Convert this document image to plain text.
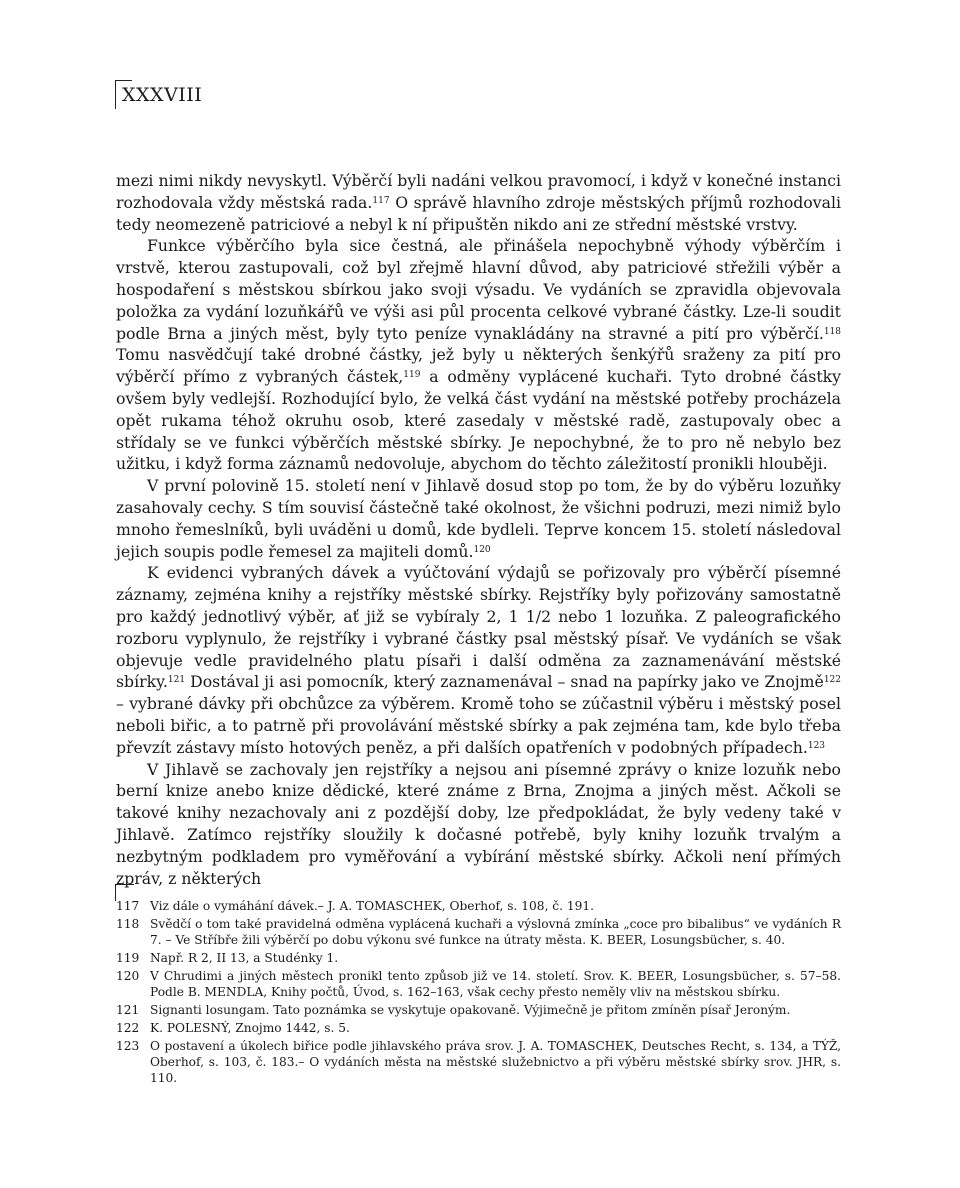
XXXVIII

mezi nimi nikdy nevyskytl. Výběrčí byli nadáni velkou pravomocí, i když v konečné instanci rozhodovala vždy městská rada.$^{117}$ O správě hlavního zdroje městských příjmů rozhodovali tedy neomezeně patriciové a nebyl k ní připuštěn nikdo ani ze střední městské vrstvy.

Funkce výběrčího byla sice čestná, ale přinášela nepochybně výhody výběrčím i vrstvě, kterou zastupovali, což byl zřejmě hlavní důvod, aby patriciové střežili výběr a hospodaření s městskou sbírkou jako svoji výsadu. Ve vydáních se zpravidla objevovala položka za vydání lozuňkářů ve výši asi půl procenta celkové vybrané částky. Lze-li soudit podle Brna a jiných měst, byly tyto peníze vynakládány na stravné a pití pro výběrčí.$^{118}$ Tomu nasvědčují také drobné částky, jež byly u některých šenkýřů sraženy za pití pro výběrčí přímo z vybraných částek,$^{119}$ a odměny vyplácené kuchaři. Tyto drobné částky ovšem byly vedlejší. Rozhodující bylo, že velká část vydání na městské potřeby procházela opět rukama téhož okruhu osob, které zasedaly v městské radě, zastupovaly obec a střídaly se ve funkci výběrčích městské sbírky. Je nepochybné, že to pro ně nebylo bez užitku, i když forma záznamů nedovoluje, abychom do těchto záležitostí pronikli hlouběji.

V první polovině 15. století není v Jihlavě dosud stop po tom, že by do výběru lozuňky zasahovaly cechy. S tím souvisí částečně také okolnost, že všichni podruzi, mezi nimiž bylo mnoho řemeslníků, byli uváděni u domů, kde bydleli. Teprve koncem 15. století následoval jejich soupis podle řemesel za majiteli domů.$^{120}$

K evidenci vybraných dávek a vyúčtování výdajů se pořizovaly pro výběrčí písemné záznamy, zejména knihy a rejstříky městské sbírky. Rejstříky byly pořizovány samostatně pro každý jednotlivý výběr, ať již se vybíraly 2, 1 1/2 nebo 1 lozuňka. Z paleografického rozboru vyplynulo, že rejstříky i vybrané částky psal městský písař. Ve vydáních se však objevuje vedle pravidelného platu písaři i další odměna za zaznamenávání městské sbírky.$^{121}$ Dostával ji asi pomocník, který zaznamenával – snad na papírky jako ve Znojmě$^{122}$ – vybrané dávky při obchůzce za výběrem. Kromě toho se zúčastnil výběru i městský posel neboli biřic, a to patrně při provolávání městské sbírky a pak zejména tam, kde bylo třeba převzít zástavy místo hotových peněz, a při dalších opatřeních v podobných případech.$^{123}$

V Jihlavě se zachovaly jen rejstříky a nejsou ani písemné zprávy o knize lozuňk nebo berní knize anebo knize dědické, které známe z Brna, Znojma a jiných měst. Ačkoli se takové knihy nezachovaly ani z pozdější doby, lze předpokládat, že byly vedeny také v Jihlavě. Zatímco rejstříky sloužily k dočasné potřebě, byly knihy lozuňk trvalým a nezbytným podkladem pro vyměřování a vybírání městské sbírky. Ačkoli není přímých zpráv, z některých

117 Viz dále o vymáhání dávek.– J. A. TOMASCHEK, Oberhof, s. 108, č. 191.
118 Svědčí o tom také pravidelná odměna vyplácená kuchaři a výslovná zmínka „coce pro bibalibus“ ve vydáních R 7. – Ve Stříbře žili výběrčí po dobu výkonu své funkce na útraty města. K. BEER, Losungsbücher, s. 40.
119 Např. R 2, II 13, a Studénky 1.
120 V Chrudimi a jiných městech pronikl tento způsob již ve 14. století. Srov. K. BEER, Losungsbücher, s. 57–58. Podle B. MENDLA, Knihy počtů, Úvod, s. 162–163, však cechy přesto neměly vliv na městskou sbírku.
121 Signanti losungam. Tato poznámka se vyskytuje opakovaně. Výjimečně je přitom zmíněn písař Jeroným.
122 K. POLESNÝ, Znojmo 1442, s. 5.
123 O postavení a úkolech biřice podle jihlavského práva srov. J. A. TOMASCHEK, Deutsches Recht, s. 134, a TÝŽ, Oberhof, s. 103, č. 183.– O vydáních města na městské služebnictvo a při výběru městské sbírky srov. JHR, s. 110.
